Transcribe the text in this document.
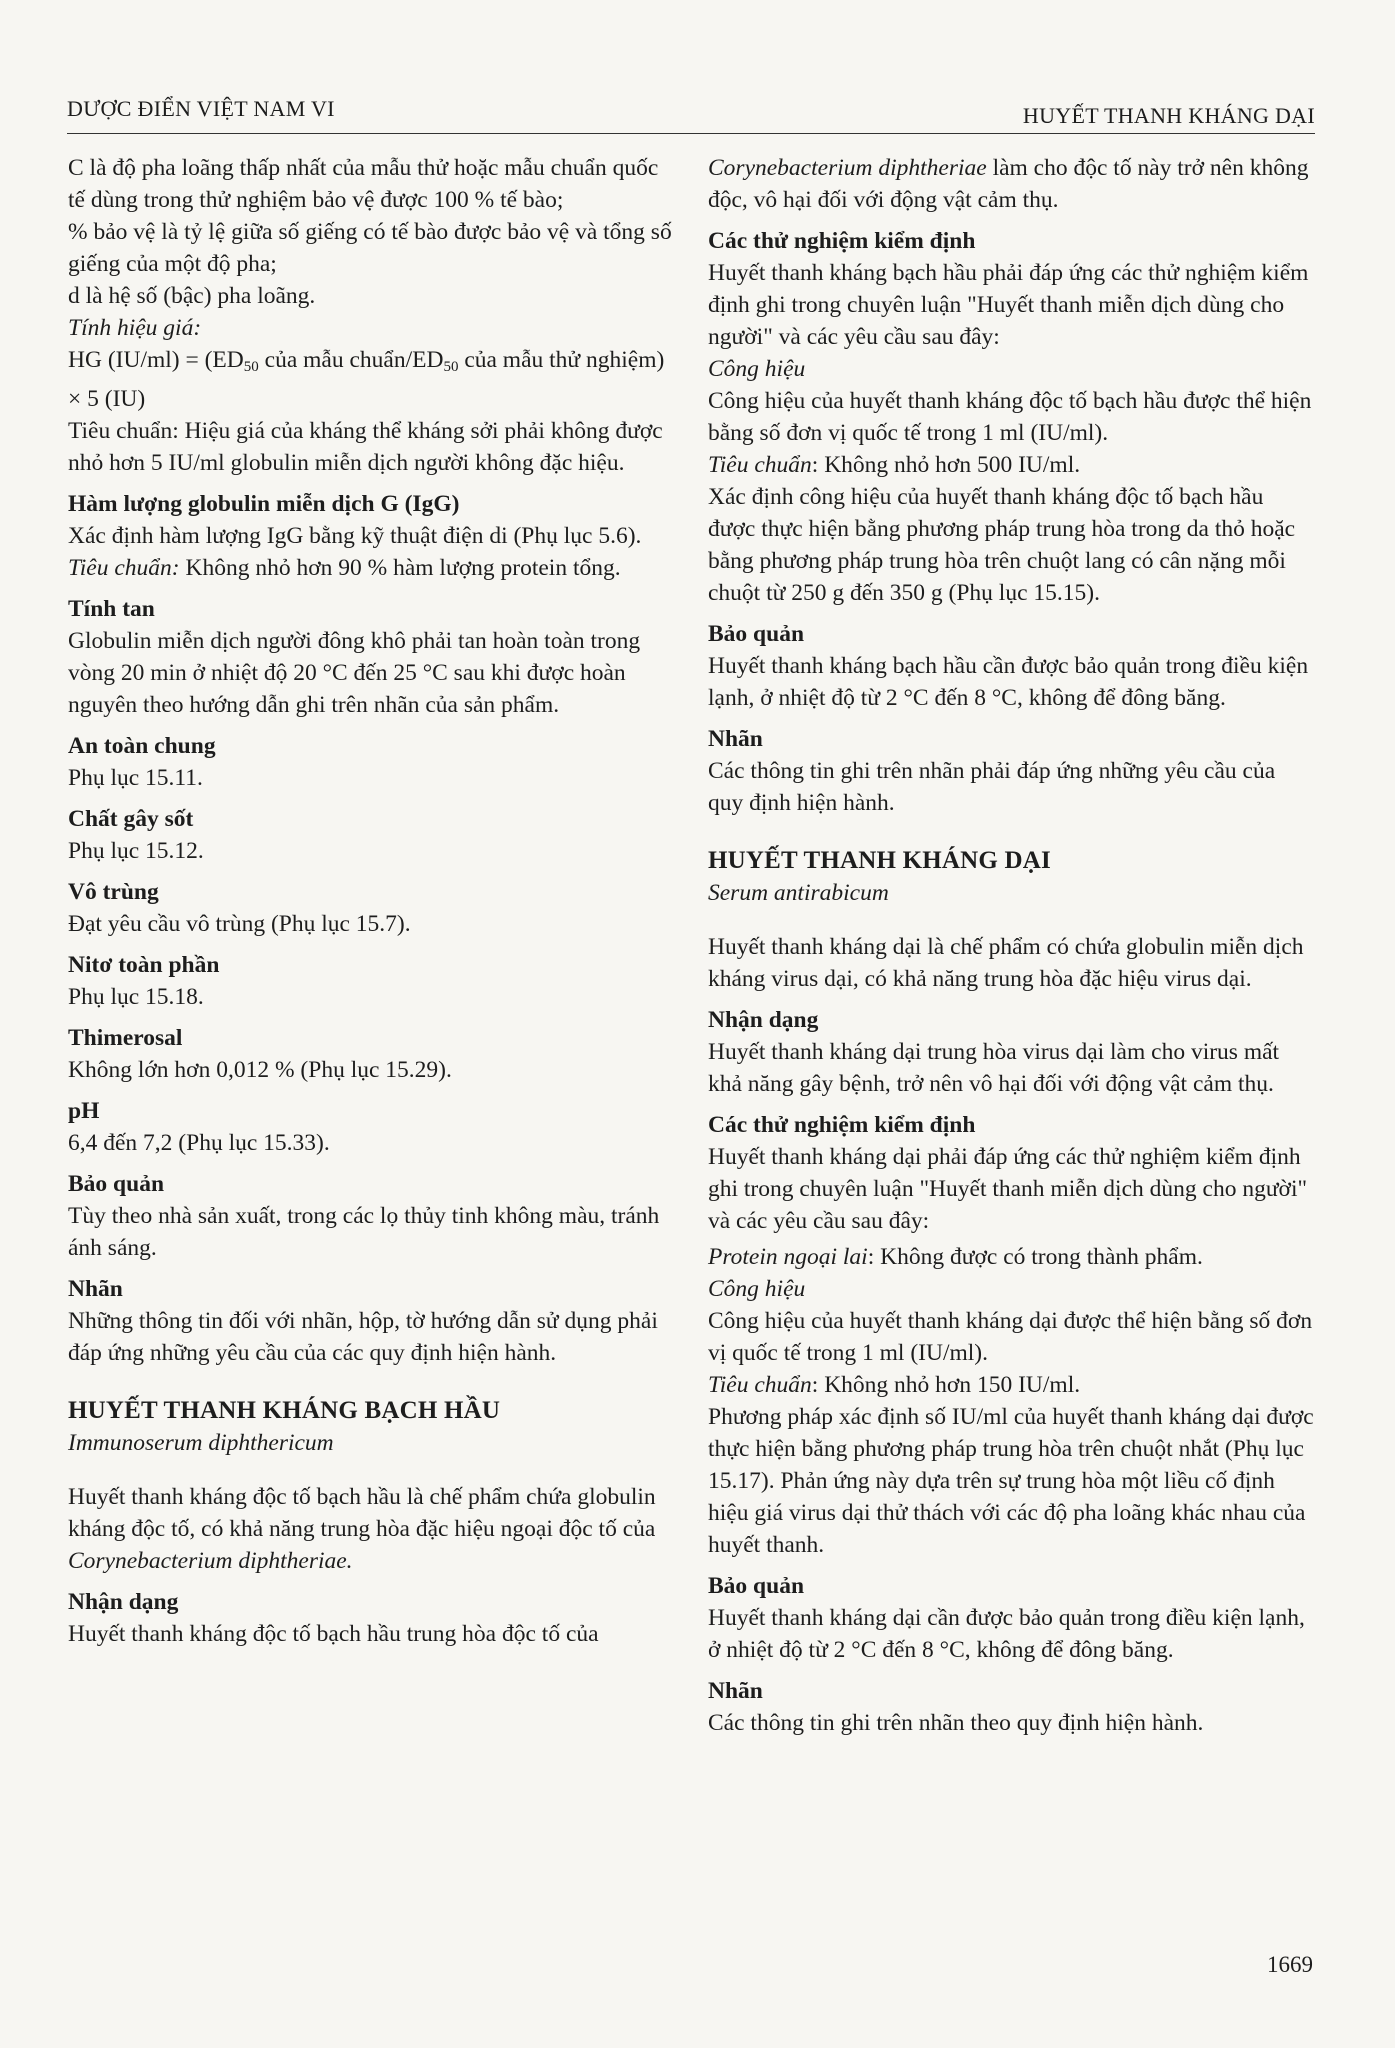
DƯỢC ĐIỂN VIỆT NAM VI	HUYẾT THANH KHÁNG DẠI

C là độ pha loãng thấp nhất của mẫu thử hoặc mẫu chuẩn quốc tế dùng trong thử nghiệm bảo vệ được 100 % tế bào;

% bảo vệ là tỷ lệ giữa số giếng có tế bào được bảo vệ và tổng số giếng của một độ pha;

d là hệ số (bậc) pha loãng.

Tính hiệu giá:

HG $(IU/ml) = (ED_{50}$ của mẫu chuẩn/$ED_{50}$ của mẫu thử nghiệm) × 5 (IU)

Tiêu chuẩn: Hiệu giá của kháng thể kháng sởi phải không được nhỏ hơn 5 IU/ml globulin miễn dịch người không đặc hiệu.

Hàm lượng globulin miễn dịch G (IgG)

Xác định hàm lượng IgG bằng kỹ thuật điện di (Phụ lục 5.6).

Tiêu chuẩn: Không nhỏ hơn 90 % hàm lượng protein tổng.

Tính tan

Globulin miễn dịch người đông khô phải tan hoàn toàn trong vòng 20 min ở nhiệt độ 20 °C đến 25 °C sau khi được hoàn nguyên theo hướng dẫn ghi trên nhãn của sản phẩm.

An toàn chung

Phụ lục 15.11.

Chất gây sốt

Phụ lục 15.12.

Vô trùng

Đạt yêu cầu vô trùng (Phụ lục 15.7).

Nitơ toàn phần

Phụ lục 15.18.

Thimerosal

Không lớn hơn 0,012 % (Phụ lục 15.29).

pH

6,4 đến 7,2 (Phụ lục 15.33).

Bảo quản

Tùy theo nhà sản xuất, trong các lọ thủy tinh không màu, tránh ánh sáng.

Nhãn

Những thông tin đối với nhãn, hộp, tờ hướng dẫn sử dụng phải đáp ứng những yêu cầu của các quy định hiện hành.

HUYẾT THANH KHÁNG BẠCH HẦU

Immunoserum diphthericum

Huyết thanh kháng độc tố bạch hầu là chế phẩm chứa globulin kháng độc tố, có khả năng trung hòa đặc hiệu ngoại độc tố của Corynebacterium diphtheriae.

Nhận dạng

Huyết thanh kháng độc tố bạch hầu trung hòa độc tố của

Corynebacterium diphtheriae làm cho độc tố này trở nên không độc, vô hại đối với động vật cảm thụ.

Các thử nghiệm kiểm định

Huyết thanh kháng bạch hầu phải đáp ứng các thử nghiệm kiểm định ghi trong chuyên luận "Huyết thanh miễn dịch dùng cho người" và các yêu cầu sau đây:

Công hiệu

Công hiệu của huyết thanh kháng độc tố bạch hầu được thể hiện bằng số đơn vị quốc tế trong 1 ml (IU/ml).

Tiêu chuẩn: Không nhỏ hơn 500 IU/ml.

Xác định công hiệu của huyết thanh kháng độc tố bạch hầu được thực hiện bằng phương pháp trung hòa trong da thỏ hoặc bằng phương pháp trung hòa trên chuột lang có cân nặng mỗi chuột từ 250 g đến 350 g (Phụ lục 15.15).

Bảo quản

Huyết thanh kháng bạch hầu cần được bảo quản trong điều kiện lạnh, ở nhiệt độ từ 2 °C đến 8 °C, không để đông băng.

Nhãn

Các thông tin ghi trên nhãn phải đáp ứng những yêu cầu của quy định hiện hành.

HUYẾT THANH KHÁNG DẠI

Serum antirabicum

Huyết thanh kháng dại là chế phẩm có chứa globulin miễn dịch kháng virus dại, có khả năng trung hòa đặc hiệu virus dại.

Nhận dạng

Huyết thanh kháng dại trung hòa virus dại làm cho virus mất khả năng gây bệnh, trở nên vô hại đối với động vật cảm thụ.

Các thử nghiệm kiểm định

Huyết thanh kháng dại phải đáp ứng các thử nghiệm kiểm định ghi trong chuyên luận "Huyết thanh miễn dịch dùng cho người" và các yêu cầu sau đây:

Protein ngoại lai: Không được có trong thành phẩm.

Công hiệu

Công hiệu của huyết thanh kháng dại được thể hiện bằng số đơn vị quốc tế trong 1 ml (IU/ml).

Tiêu chuẩn: Không nhỏ hơn 150 IU/ml.

Phương pháp xác định số IU/ml của huyết thanh kháng dại được thực hiện bằng phương pháp trung hòa trên chuột nhắt (Phụ lục 15.17). Phản ứng này dựa trên sự trung hòa một liều cố định hiệu giá virus dại thử thách với các độ pha loãng khác nhau của huyết thanh.

Bảo quản

Huyết thanh kháng dại cần được bảo quản trong điều kiện lạnh, ở nhiệt độ từ 2 °C đến 8 °C, không để đông băng.

Nhãn

Các thông tin ghi trên nhãn theo quy định hiện hành.

1669
